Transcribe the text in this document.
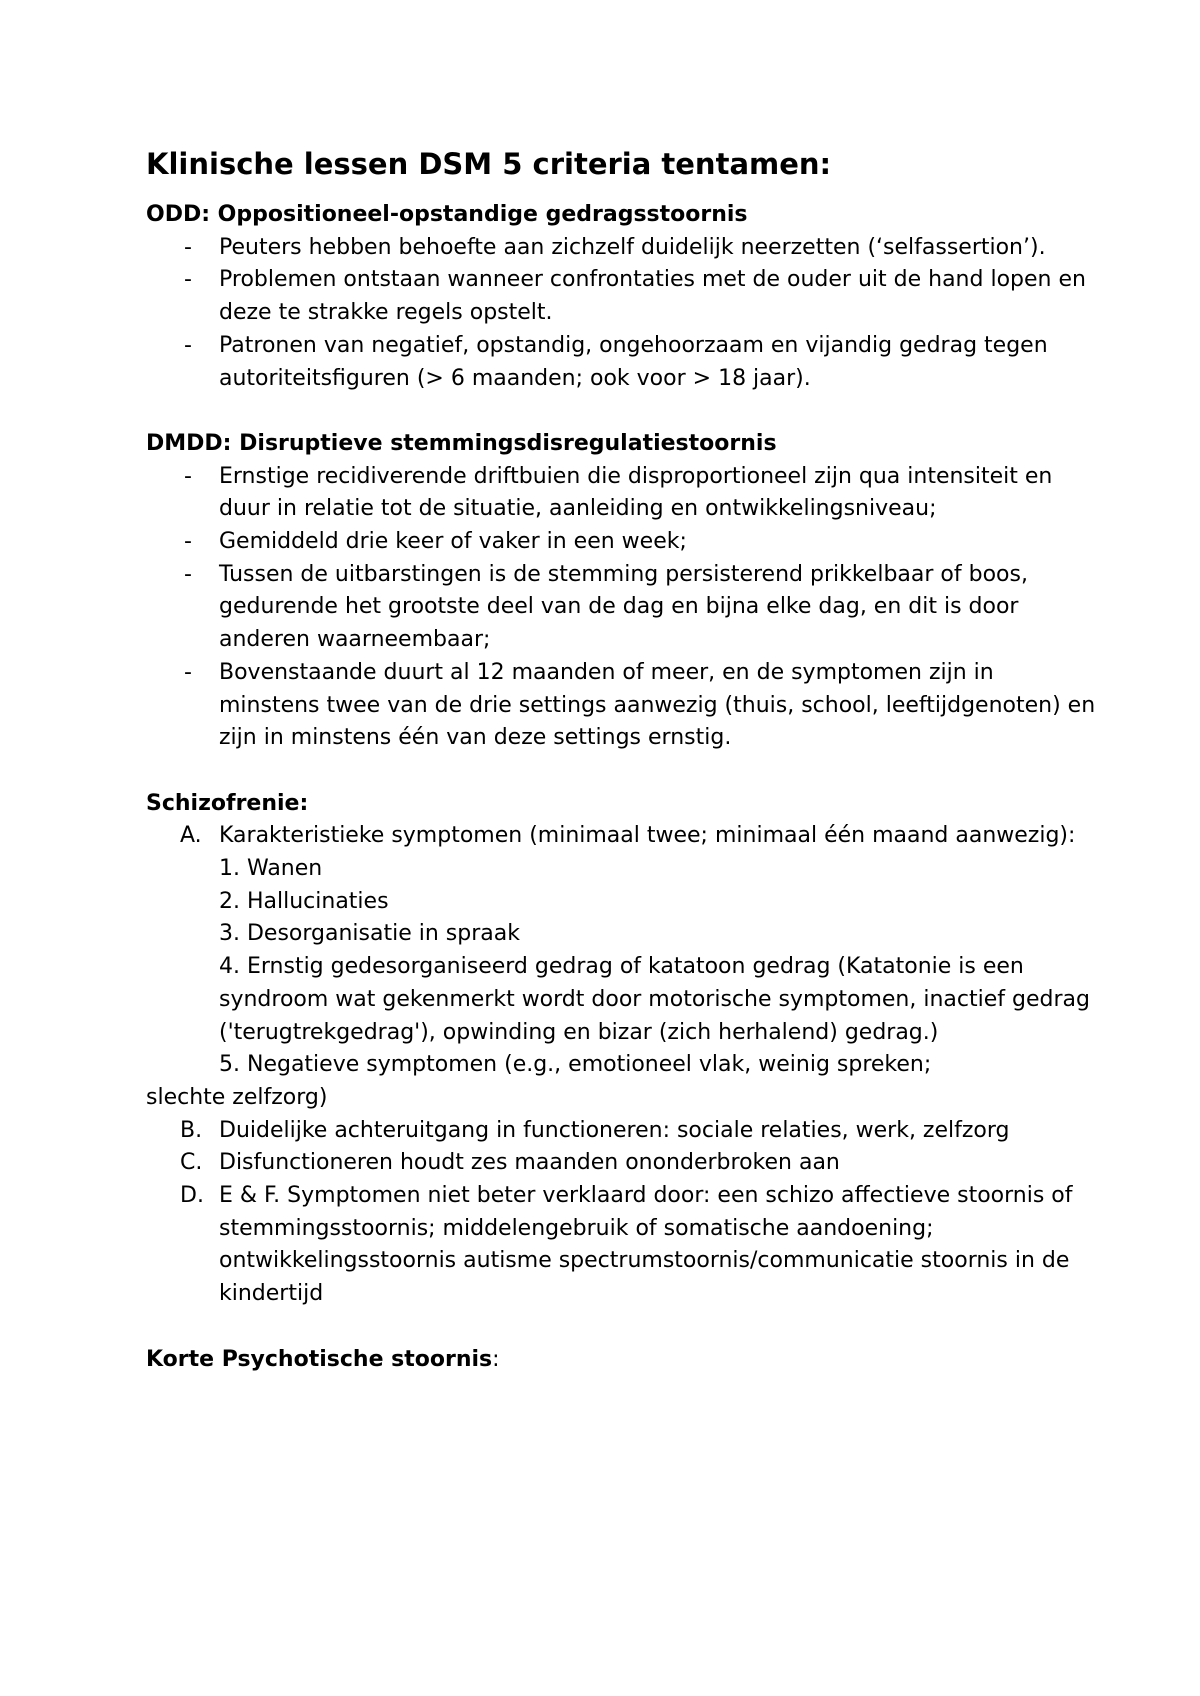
Klinische lessen DSM 5 criteria tentamen:
ODD: Oppositioneel-opstandige gedragsstoornis
- Peuters hebben behoefte aan zichzelf duidelijk neerzetten (‘selfassertion’).
- Problemen ontstaan wanneer confrontaties met de ouder uit de hand lopen en deze te strakke regels opstelt.
- Patronen van negatief, opstandig, ongehoorzaam en vijandig gedrag tegen autoriteitsfiguren (> 6 maanden; ook voor > 18 jaar).
DMDD: Disruptieve stemmingsdisregulatiestoornis
- Ernstige recidiverende driftbuien die disproportioneel zijn qua intensiteit en duur in relatie tot de situatie, aanleiding en ontwikkelingsniveau;
- Gemiddeld drie keer of vaker in een week;
- Tussen de uitbarstingen is de stemming persisterend prikkelbaar of boos, gedurende het grootste deel van de dag en bijna elke dag, en dit is door anderen waarneembaar;
- Bovenstaande duurt al 12 maanden of meer, en de symptomen zijn in minstens twee van de drie settings aanwezig (thuis, school, leeftijdgenoten) en zijn in minstens één van deze settings ernstig.
Schizofrenie:
A. Karakteristieke symptomen (minimaal twee; minimaal één maand aanwezig):
1. Wanen
2. Hallucinaties
3. Desorganisatie in spraak
4. Ernstig gedesorganiseerd gedrag of katatoon gedrag (Katatonie is een syndroom wat gekenmerkt wordt door motorische symptomen, inactief gedrag ('terugtrekgedrag'), opwinding en bizar (zich herhalend) gedrag.)
5. Negatieve symptomen (e.g., emotioneel vlak, weinig spreken;
slechte zelfzorg)
B. Duidelijke achteruitgang in functioneren: sociale relaties, werk, zelfzorg
C. Disfunctioneren houdt zes maanden ononderbroken aan
D. E & F. Symptomen niet beter verklaard door: een schizo affectieve stoornis of stemmingsstoornis; middelengebruik of somatische aandoening; ontwikkelingsstoornis autisme spectrumstoornis/communicatie stoornis in de kindertijd
Korte Psychotische stoornis:
